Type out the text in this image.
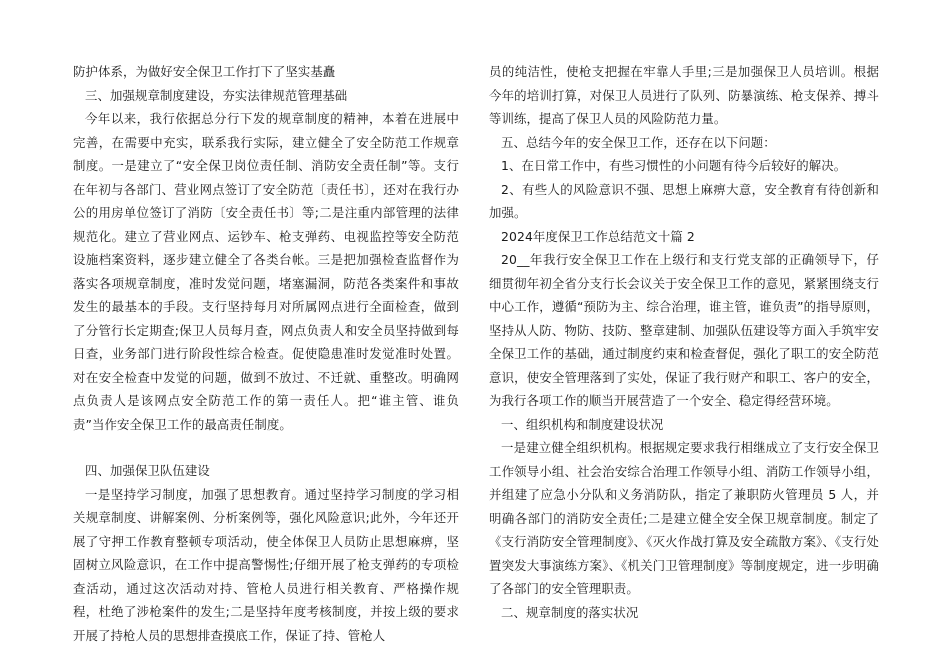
防护体系，为做好安全保卫工作打下了坚实基矗

三、加强规章制度建设，夯实法律规范管理基础

今年以来，我行依据总分行下发的规章制度的精神，本着在进展中完善，在需要中充实，联系我行实际，建立健全了安全防范工作规章制度。一是建立了“安全保卫岗位责任制、消防安全责任制”等。支行在年初与各部门、营业网点签订了安全防范〔责任书〕，还对在我行办公的用房单位签订了消防〔安全责任书〕等;二是注重内部管理的法律规范化。建立了营业网点、运钞车、枪支弹药、电视监控等安全防范设施档案资料，逐步建立健全了各类台帐。三是把加强检查监督作为落实各项规章制度，准时发觉问题，堵塞漏洞，防范各类案件和事故发生的最基本的手段。支行坚持每月对所属网点进行全面检查，做到了分管行长定期查;保卫人员每月查，网点负责人和安全员坚持做到每日查，业务部门进行阶段性综合检查。促使隐患准时发觉准时处置。对在安全检查中发觉的问题，做到不放过、不迁就、重整改。明确网点负责人是该网点安全防范工作的第一责任人。把“谁主管、谁负责”当作安全保卫工作的最高责任制度。

四、加强保卫队伍建设

一是坚持学习制度，加强了思想教育。通过坚持学习制度的学习相关规章制度、讲解案例、分析案例等，强化风险意识;此外，今年还开展了守押工作教育整顿专项活动，使全体保卫人员防止思想麻痹，坚固树立风险意识，在工作中提高警惕性;仔细开展了枪支弹药的专项检查活动，通过这次活动对持、管枪人员进行相关教育、严格操作规程，杜绝了涉枪案件的发生;二是坚持年度考核制度，并按上级的要求开展了持枪人员的思想排查摸底工作，保证了持、管枪人

员的纯洁性，使枪支把握在牢靠人手里;三是加强保卫人员培训。根据今年的培训打算，对保卫人员进行了队列、防暴演练、枪支保养、搏斗等训练，提高了保卫人员的风险防范力量。

五、总结今年的安全保卫工作，还存在以下问题：

1、在日常工作中，有些习惯性的小问题有待今后较好的解决。

2、有些人的风险意识不强、思想上麻痹大意，安全教育有待创新和加强。

2024年度保卫工作总结范文十篇 2

20__年我行安全保卫工作在上级行和支行党支部的正确领导下，仔细贯彻年初全省分支行长会议关于安全保卫工作的意见，紧紧围绕支行中心工作，遵循“预防为主、综合治理，谁主管，谁负责”的指导原则，坚持从人防、物防、技防、整章建制、加强队伍建设等方面入手筑牢安全保卫工作的基础，通过制度约束和检查督促，强化了职工的安全防范意识，使安全管理落到了实处，保证了我行财产和职工、客户的安全，为我行各项工作的顺当开展营造了一个安全、稳定得经营环境。

一、组织机构和制度建设状况

一是建立健全组织机构。根据规定要求我行相继成立了支行安全保卫工作领导小组、社会治安综合治理工作领导小组、消防工作领导小组，并组建了应急小分队和义务消防队，指定了兼职防火管理员 5 人，并明确各部门的消防安全责任;二是建立健全安全保卫规章制度。制定了《支行消防安全管理制度》、《灭火作战打算及安全疏散方案》、《支行处置突发大事演练方案》、《机关门卫管理制度》等制度规定，进一步明确了各部门的安全管理职责。

二、规章制度的落实状况
